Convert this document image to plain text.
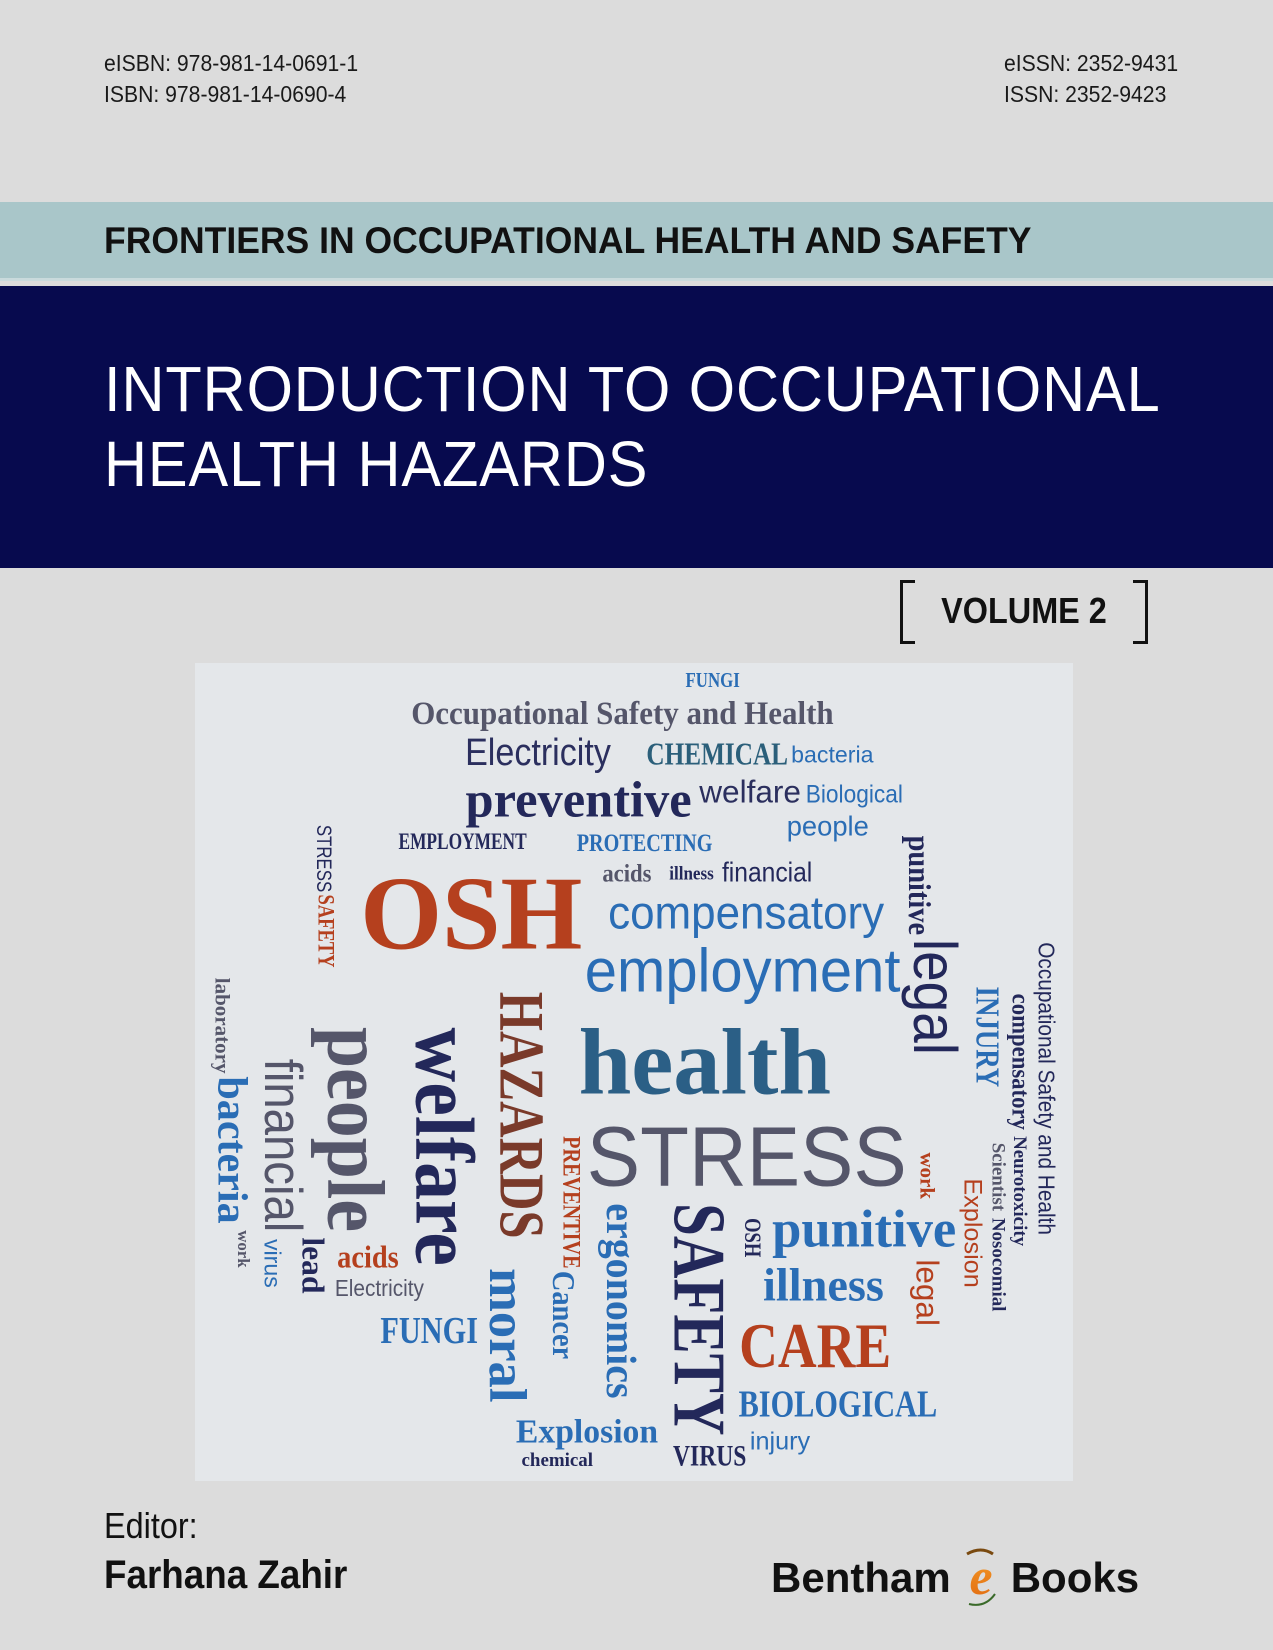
eISBN: 978-981-14-0691-1
ISBN: 978-981-14-0690-4
eISSN: 2352-9431
ISSN: 2352-9423
FRONTIERS IN OCCUPATIONAL HEALTH AND SAFETY
INTRODUCTION TO OCCUPATIONAL
HEALTH HAZARDS
VOLUME 2
CHEMICAL
Electricity
welfare
FUNGI
bacteria
preventive	people
Occupational Safety and Health
OSH
EMPLOYMENT
financial
Biological
compensatory
acids illness
employment legal
punitive
INJURY
HAZARDS
welfare
people
financial
bacteria
laboratory
PROTECTING
health
STRESS
SAFETY punitive
BIOLOGICAL
illness
CARE
ergonomics
moral Cancer
FUNGI
acids
Electricity
lead
VIRUS injury
Explosion
Occupational Safety and Health
compensatory
Neurotoxicity
Scientist
Nosocomial
legal
Explosion
STRESS
SAFETY
virus
work	PREVENTIVE	OSH
chemical
work
Editor:
Farhana Zahir	Bentham e Books
